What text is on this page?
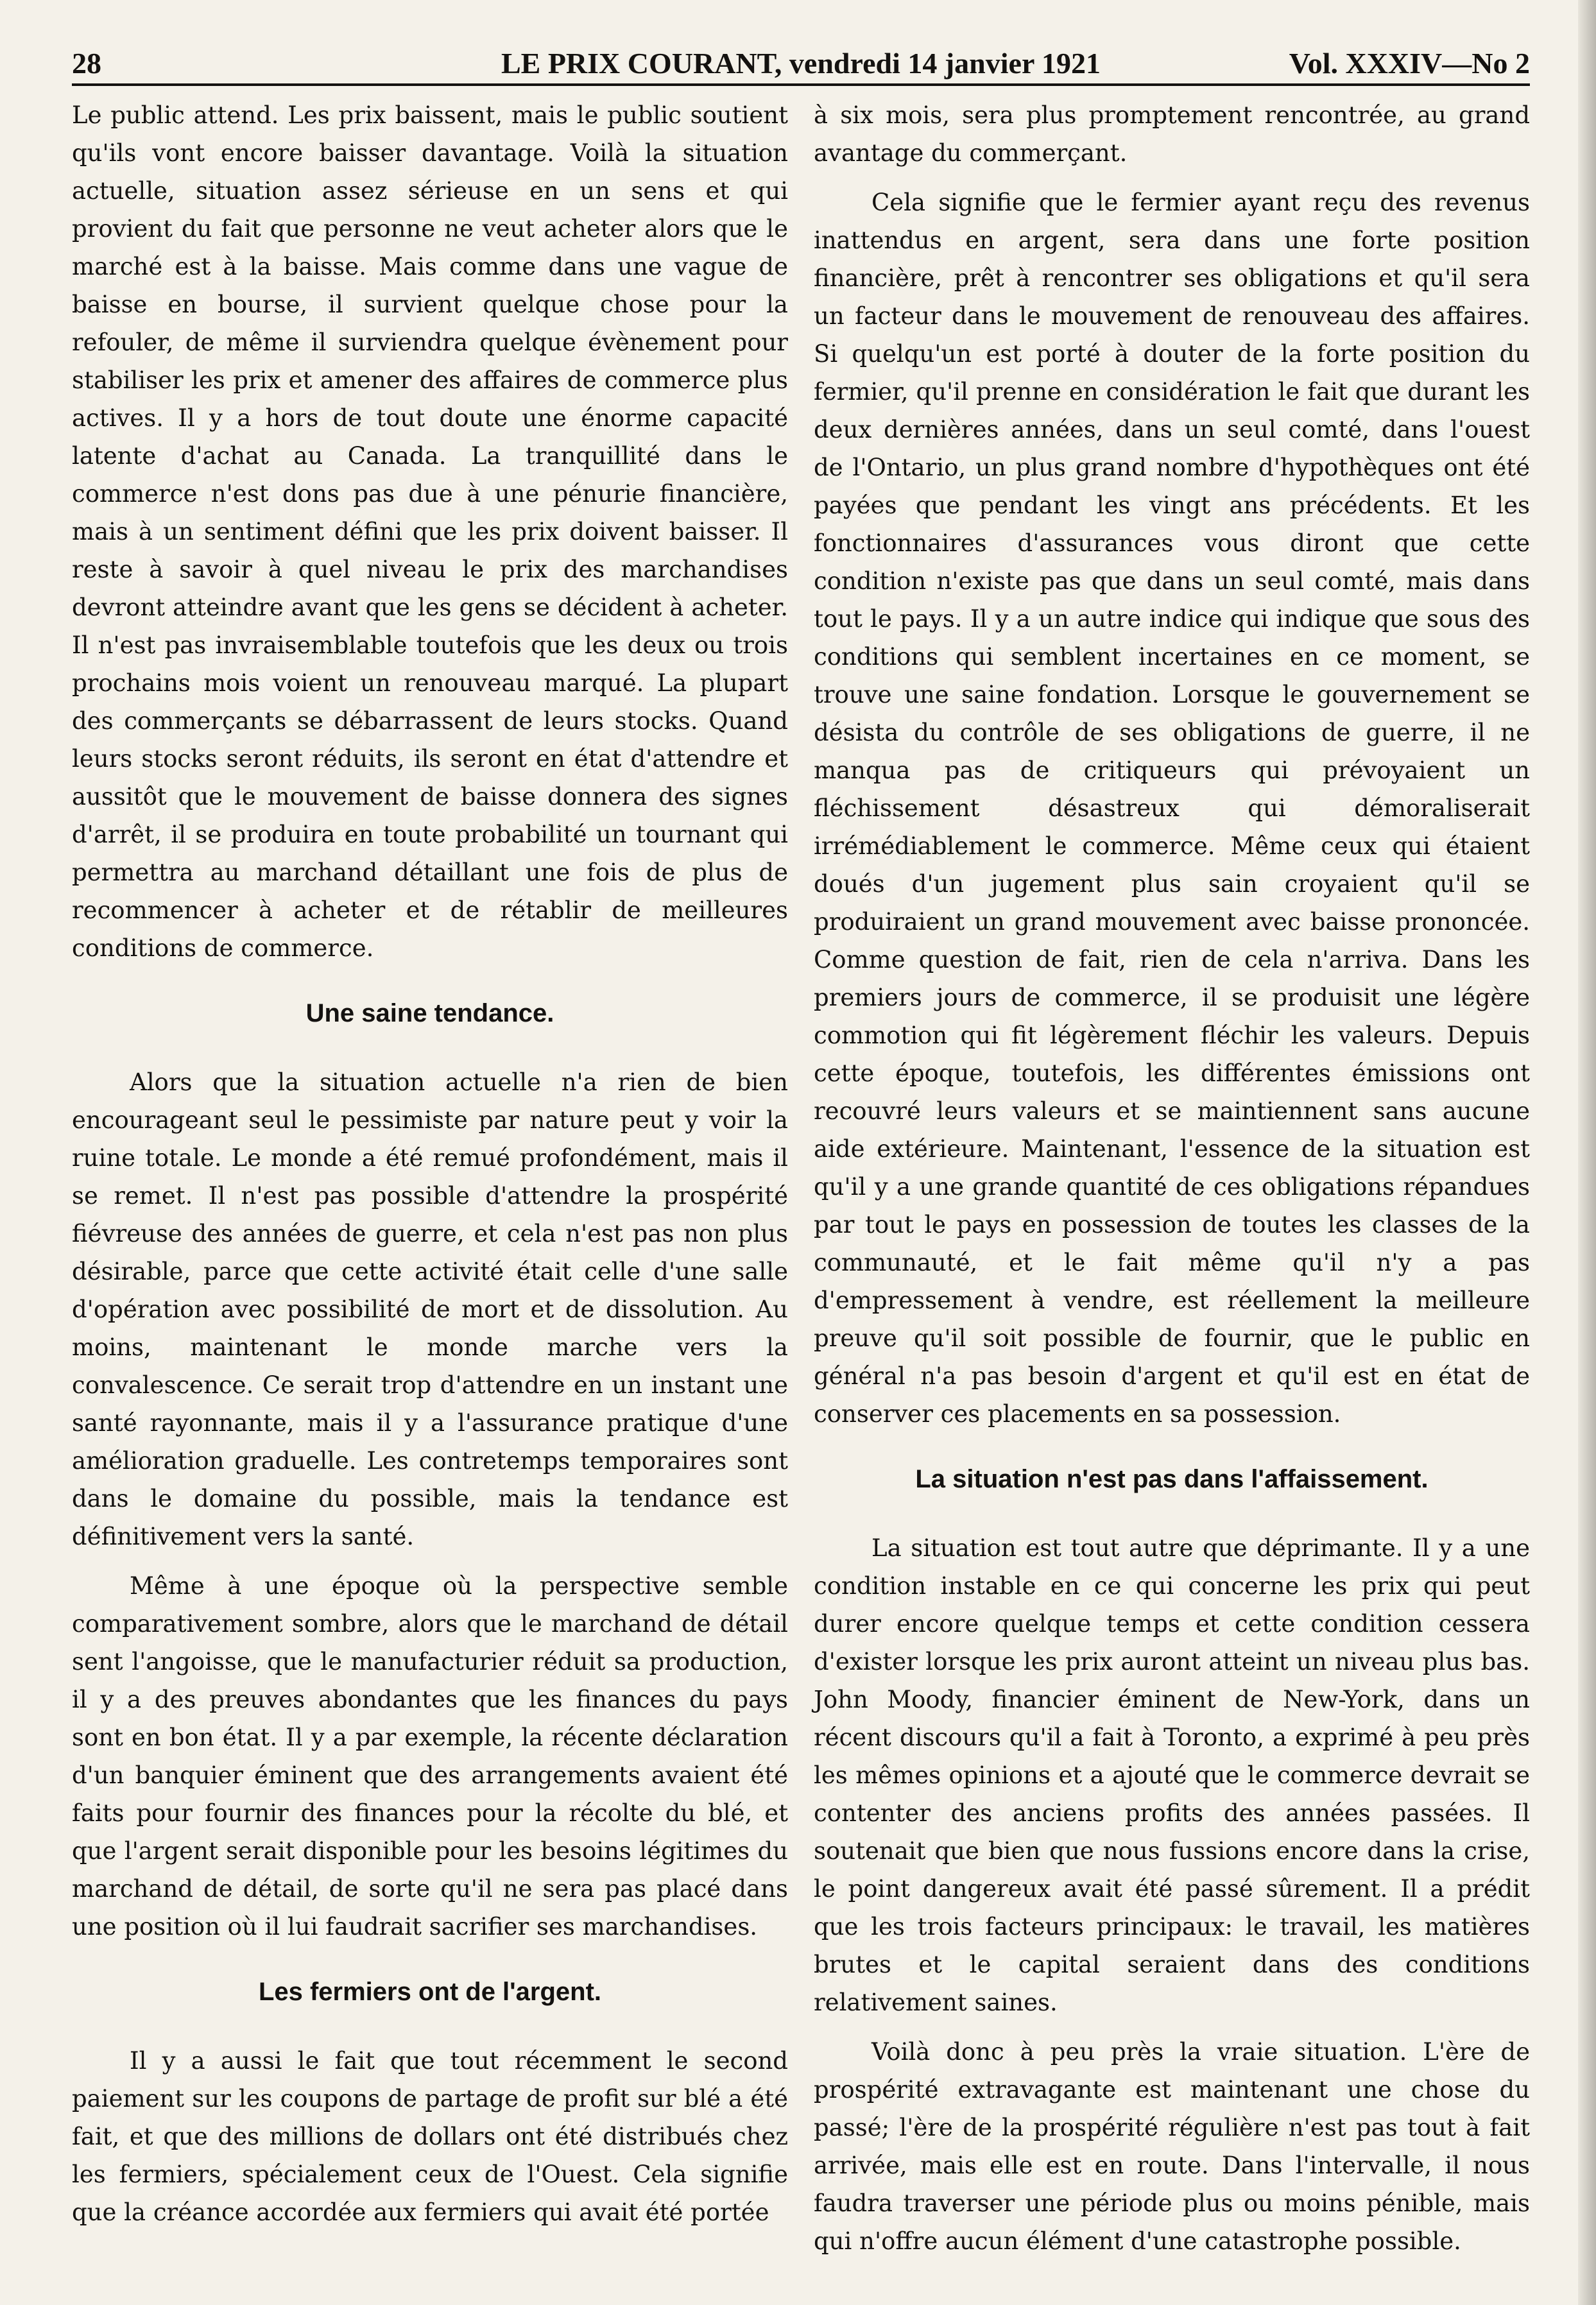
28	LE PRIX COURANT, vendredi 14 janvier 1921	Vol. XXXIV—No 2

Le public attend. Les prix baissent, mais le public soutient qu'ils vont encore baisser davantage. Voilà la situation actuelle, situation assez sérieuse en un sens et qui provient du fait que personne ne veut acheter alors que le marché est à la baisse. Mais comme dans une vague de baisse en bourse, il survient quelque chose pour la refouler, de même il surviendra quelque évènement pour stabiliser les prix et amener des affaires de commerce plus actives. Il y a hors de tout doute une énorme capacité latente d'achat au Canada. La tranquillité dans le commerce n'est dons pas due à une pénurie financière, mais à un sentiment défini que les prix doivent baisser. Il reste à savoir à quel niveau le prix des marchandises devront atteindre avant que les gens se décident à acheter. Il n'est pas invraisemblable toutefois que les deux ou trois prochains mois voient un renouveau marqué. La plupart des commerçants se débarrassent de leurs stocks. Quand leurs stocks seront réduits, ils seront en état d'attendre et aussitôt que le mouvement de baisse donnera des signes d'arrêt, il se produira en toute probabilité un tournant qui permettra au marchand détaillant une fois de plus de recommencer à acheter et de rétablir de meilleures conditions de commerce.

Une saine tendance.

Alors que la situation actuelle n'a rien de bien encourageant seul le pessimiste par nature peut y voir la ruine totale. Le monde a été remué profondément, mais il se remet. Il n'est pas possible d'attendre la prospérité fiévreuse des années de guerre, et cela n'est pas non plus désirable, parce que cette activité était celle d'une salle d'opération avec possibilité de mort et de dissolution. Au moins, maintenant le monde marche vers la convalescence. Ce serait trop d'attendre en un instant une santé rayonnante, mais il y a l'assurance pratique d'une amélioration graduelle. Les contretemps temporaires sont dans le domaine du possible, mais la tendance est définitivement vers la santé.

Même à une époque où la perspective semble comparativement sombre, alors que le marchand de détail sent l'angoisse, que le manufacturier réduit sa production, il y a des preuves abondantes que les finances du pays sont en bon état. Il y a par exemple, la récente déclaration d'un banquier éminent que des arrangements avaient été faits pour fournir des finances pour la récolte du blé, et que l'argent serait disponible pour les besoins légitimes du marchand de détail, de sorte qu'il ne sera pas placé dans une position où il lui faudrait sacrifier ses marchandises.

Les fermiers ont de l'argent.

Il y a aussi le fait que tout récemment le second paiement sur les coupons de partage de profit sur blé a été fait, et que des millions de dollars ont été distribués chez les fermiers, spécialement ceux de l'Ouest. Cela signifie que la créance accordée aux fermiers qui avait été portée

à six mois, sera plus promptement rencontrée, au grand avantage du commerçant.

Cela signifie que le fermier ayant reçu des revenus inattendus en argent, sera dans une forte position financière, prêt à rencontrer ses obligations et qu'il sera un facteur dans le mouvement de renouveau des affaires. Si quelqu'un est porté à douter de la forte position du fermier, qu'il prenne en considération le fait que durant les deux dernières années, dans un seul comté, dans l'ouest de l'Ontario, un plus grand nombre d'hypothèques ont été payées que pendant les vingt ans précédents. Et les fonctionnaires d'assurances vous diront que cette condition n'existe pas que dans un seul comté, mais dans tout le pays. Il y a un autre indice qui indique que sous des conditions qui semblent incertaines en ce moment, se trouve une saine fondation. Lorsque le gouvernement se désista du contrôle de ses obligations de guerre, il ne manqua pas de critiqueurs qui prévoyaient un fléchissement désastreux qui démoraliserait irrémédiablement le commerce. Même ceux qui étaient doués d'un jugement plus sain croyaient qu'il se produiraient un grand mouvement avec baisse prononcée. Comme question de fait, rien de cela n'arriva. Dans les premiers jours de commerce, il se produisit une légère commotion qui fit légèrement fléchir les valeurs. Depuis cette époque, toutefois, les différentes émissions ont recouvré leurs valeurs et se maintiennent sans aucune aide extérieure. Maintenant, l'essence de la situation est qu'il y a une grande quantité de ces obligations répandues par tout le pays en possession de toutes les classes de la communauté, et le fait même qu'il n'y a pas d'empressement à vendre, est réellement la meilleure preuve qu'il soit possible de fournir, que le public en général n'a pas besoin d'argent et qu'il est en état de conserver ces placements en sa possession.

La situation n'est pas dans l'affaissement.

La situation est tout autre que déprimante. Il y a une condition instable en ce qui concerne les prix qui peut durer encore quelque temps et cette condition cessera d'exister lorsque les prix auront atteint un niveau plus bas. John Moody, financier éminent de New-York, dans un récent discours qu'il a fait à Toronto, a exprimé à peu près les mêmes opinions et a ajouté que le commerce devrait se contenter des anciens profits des années passées. Il soutenait que bien que nous fussions encore dans la crise, le point dangereux avait été passé sûrement. Il a prédit que les trois facteurs principaux: le travail, les matières brutes et le capital seraient dans des conditions relativement saines.

Voilà donc à peu près la vraie situation. L'ère de prospérité extravagante est maintenant une chose du passé; l'ère de la prospérité régulière n'est pas tout à fait arrivée, mais elle est en route. Dans l'intervalle, il nous faudra traverser une période plus ou moins pénible, mais qui n'offre aucun élément d'une catastrophe possible.
